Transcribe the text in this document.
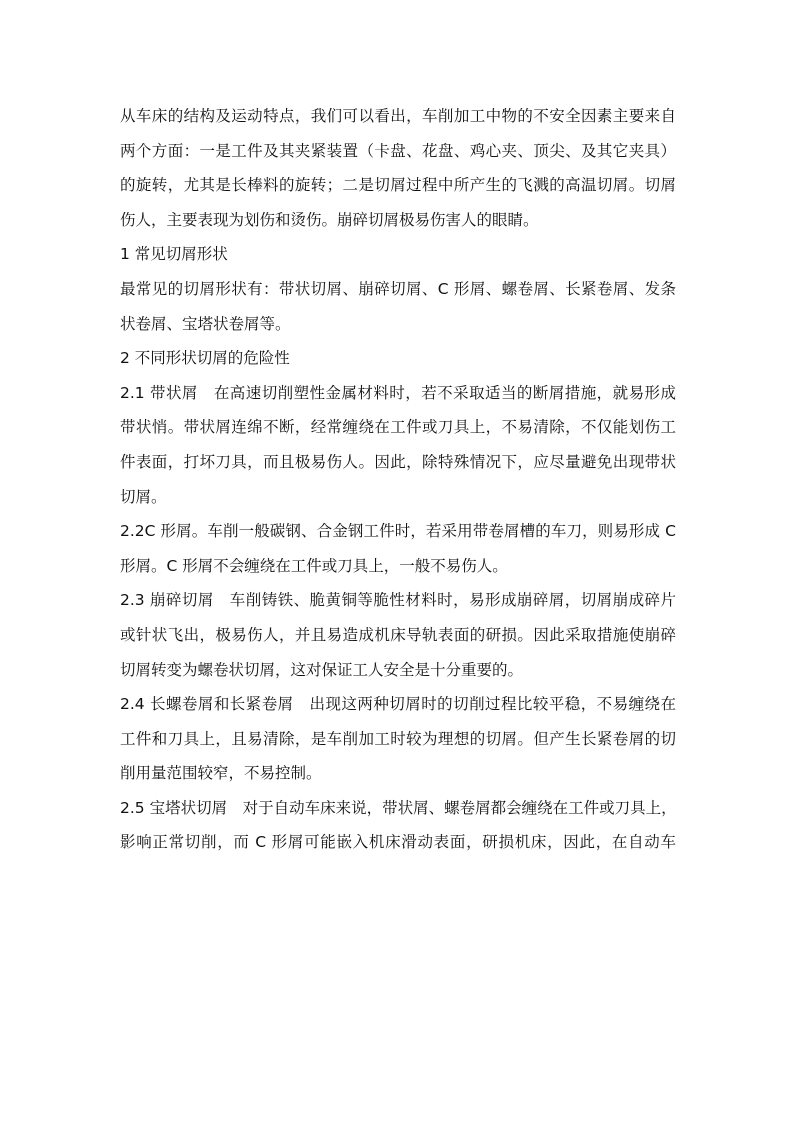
从车床的结构及运动特点，我们可以看出，车削加工中物的不安全因素主要来自
两个方面：一是工件及其夹紧装置（卡盘、花盘、鸡心夹、顶尖、及其它夹具）
的旋转，尤其是长棒料的旋转；二是切屑过程中所产生的飞溅的高温切屑。切屑
伤人，主要表现为划伤和烫伤。崩碎切屑极易伤害人的眼睛。
1 常见切屑形状
最常见的切屑形状有：带状切屑、崩碎切屑、C 形屑、螺卷屑、长紧卷屑、发条
状卷屑、宝塔状卷屑等。
2 不同形状切屑的危险性
2.1 带状屑　在高速切削塑性金属材料时，若不采取适当的断屑措施，就易形成
带状悄。带状屑连绵不断，经常缠绕在工件或刀具上，不易清除，不仅能划伤工
件表面，打坏刀具，而且极易伤人。因此，除特殊情况下，应尽量避免出现带状
切屑。
2.2C 形屑。车削一般碳钢、合金钢工件时，若采用带卷屑槽的车刀，则易形成 C
形屑。C 形屑不会缠绕在工件或刀具上，一般不易伤人。
2.3 崩碎切屑　车削铸铁、脆黄铜等脆性材料时，易形成崩碎屑，切屑崩成碎片
或针状飞出，极易伤人，并且易造成机床导轨表面的研损。因此采取措施使崩碎
切屑转变为螺卷状切屑，这对保证工人安全是十分重要的。
2.4 长螺卷屑和长紧卷屑　出现这两种切屑时的切削过程比较平稳，不易缠绕在
工件和刀具上，且易清除，是车削加工时较为理想的切屑。但产生长紧卷屑的切
削用量范围较窄，不易控制。
2.5 宝塔状切屑　对于自动车床来说，带状屑、螺卷屑都会缠绕在工件或刀具上，
影响正常切削，而 C 形屑可能嵌入机床滑动表面，研损机床，因此，在自动车
